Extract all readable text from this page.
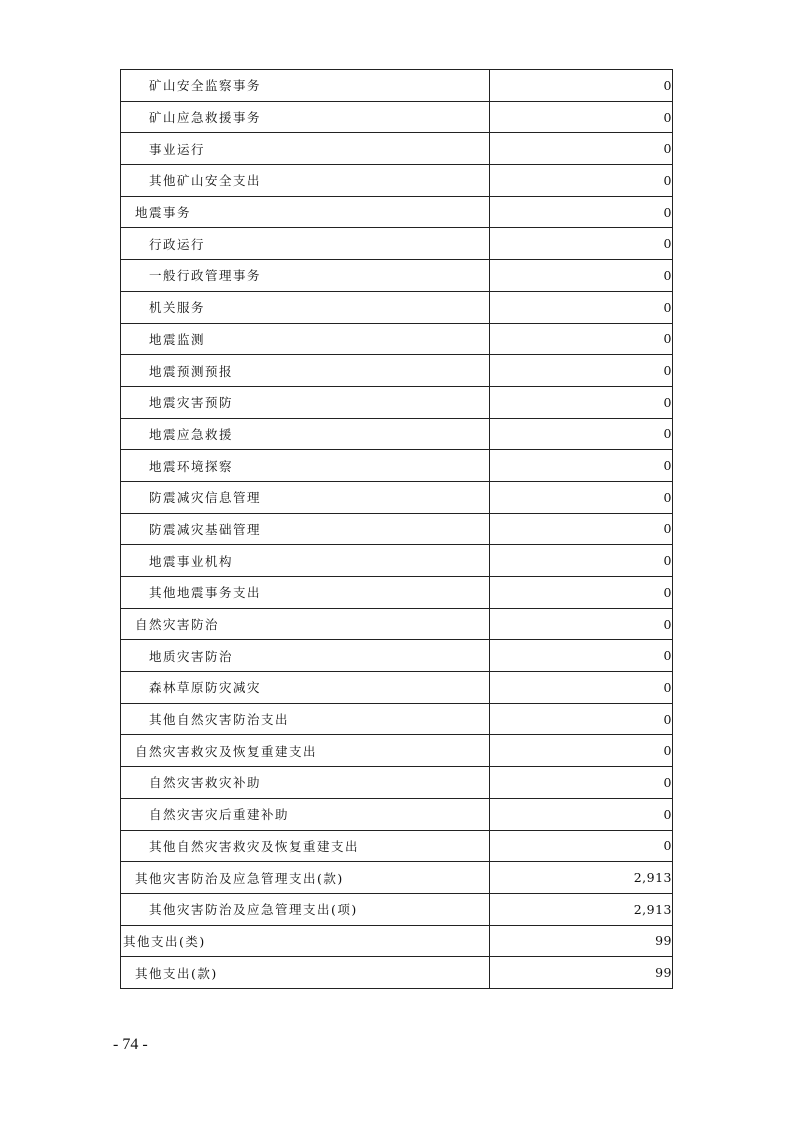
矿山安全监察事务	0
矿山应急救援事务	0
事业运行	0
其他矿山安全支出	0
地震事务	0
行政运行	0
一般行政管理事务	0
机关服务	0
地震监测	0
地震预测预报	0
地震灾害预防	0
地震应急救援	0
地震环境探察	0
防震减灾信息管理	0
防震减灾基础管理	0
地震事业机构	0
其他地震事务支出	0
自然灾害防治	0
地质灾害防治	0
森林草原防灾减灾	0
其他自然灾害防治支出	0
自然灾害救灾及恢复重建支出	0
自然灾害救灾补助	0
自然灾害灾后重建补助	0
其他自然灾害救灾及恢复重建支出	0
其他灾害防治及应急管理支出(款)	2,913
其他灾害防治及应急管理支出(项)	2,913
其他支出(类)	99
其他支出(款)	99
- 74 -
